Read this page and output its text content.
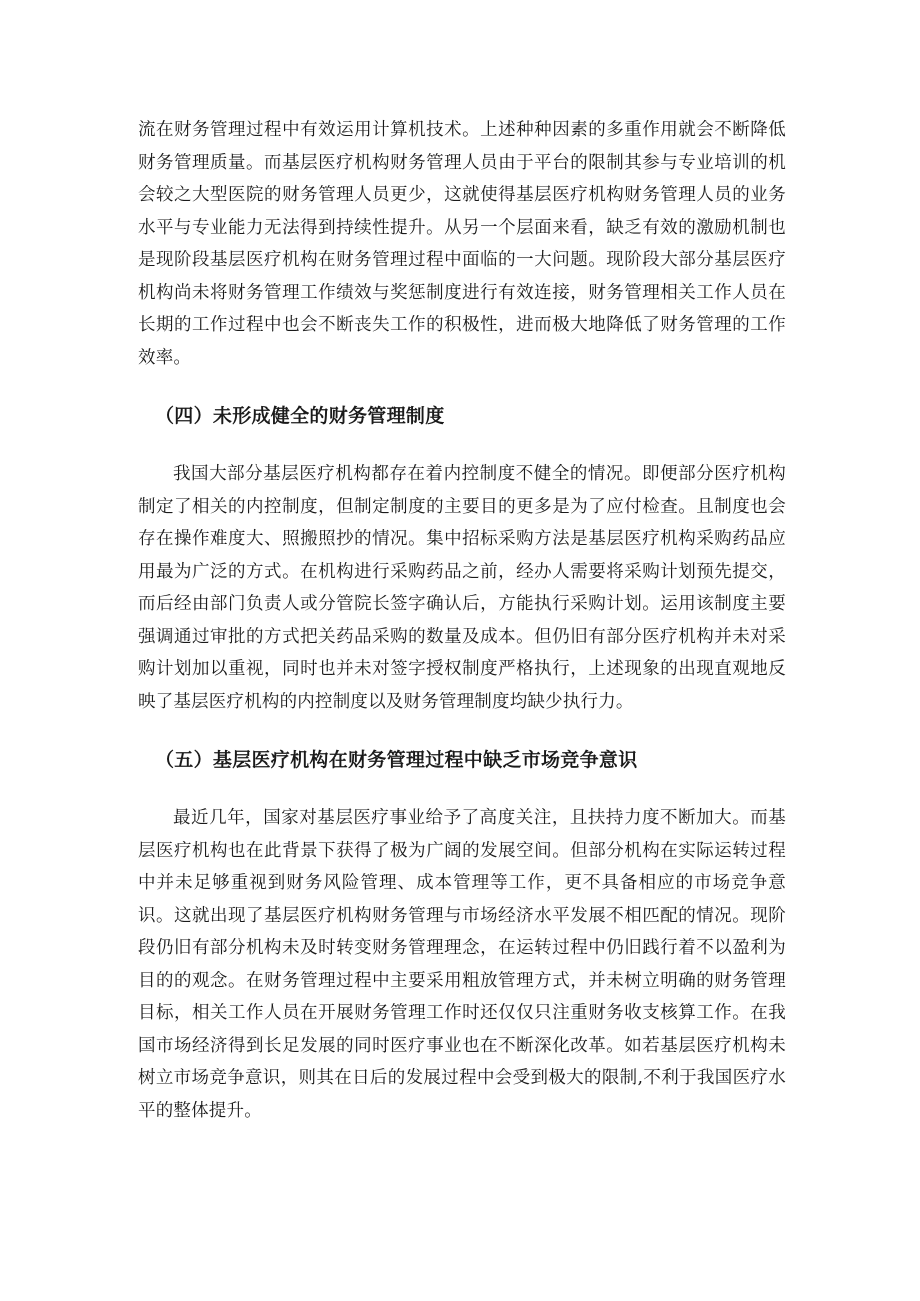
流在财务管理过程中有效运用计算机技术。上述种种因素的多重作用就会不断降低财务管理质量。而基层医疗机构财务管理人员由于平台的限制其参与专业培训的机会较之大型医院的财务管理人员更少，这就使得基层医疗机构财务管理人员的业务水平与专业能力无法得到持续性提升。从另一个层面来看，缺乏有效的激励机制也是现阶段基层医疗机构在财务管理过程中面临的一大问题。现阶段大部分基层医疗机构尚未将财务管理工作绩效与奖惩制度进行有效连接，财务管理相关工作人员在长期的工作过程中也会不断丧失工作的积极性，进而极大地降低了财务管理的工作效率。

（四）未形成健全的财务管理制度

我国大部分基层医疗机构都存在着内控制度不健全的情况。即便部分医疗机构制定了相关的内控制度，但制定制度的主要目的更多是为了应付检查。且制度也会存在操作难度大、照搬照抄的情况。集中招标采购方法是基层医疗机构采购药品应用最为广泛的方式。在机构进行采购药品之前，经办人需要将采购计划预先提交，而后经由部门负责人或分管院长签字确认后，方能执行采购计划。运用该制度主要强调通过审批的方式把关药品采购的数量及成本。但仍旧有部分医疗机构并未对采购计划加以重视，同时也并未对签字授权制度严格执行，上述现象的出现直观地反映了基层医疗机构的内控制度以及财务管理制度均缺少执行力。

（五）基层医疗机构在财务管理过程中缺乏市场竞争意识

最近几年，国家对基层医疗事业给予了高度关注，且扶持力度不断加大。而基层医疗机构也在此背景下获得了极为广阔的发展空间。但部分机构在实际运转过程中并未足够重视到财务风险管理、成本管理等工作，更不具备相应的市场竞争意识。这就出现了基层医疗机构财务管理与市场经济水平发展不相匹配的情况。现阶段仍旧有部分机构未及时转变财务管理理念，在运转过程中仍旧践行着不以盈利为目的的观念。在财务管理过程中主要采用粗放管理方式，并未树立明确的财务管理目标，相关工作人员在开展财务管理工作时还仅仅只注重财务收支核算工作。在我国市场经济得到长足发展的同时医疗事业也在不断深化改革。如若基层医疗机构未树立市场竞争意识，则其在日后的发展过程中会受到极大的限制,不利于我国医疗水平的整体提升。
